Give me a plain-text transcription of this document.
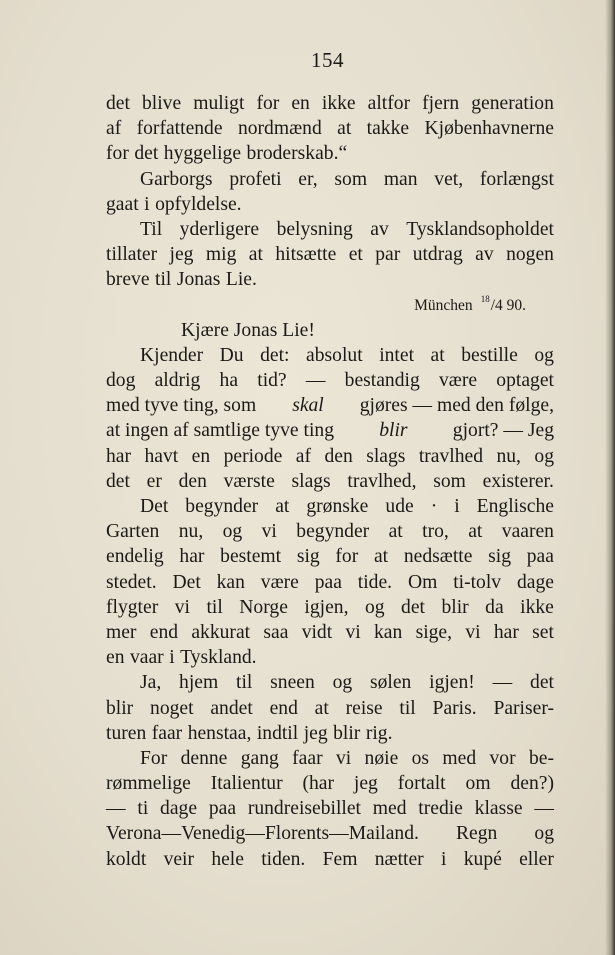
154
det blive muligt for en ikke altfor fjern generation
af forfattende nordmænd at takke Kjøbenhavnerne
for det hyggelige broderskab.“
Garborgs profeti er, som man vet, forlængst
gaat i opfyldelse.
Til yderligere belysning av Tysklandsopholdet
tillater jeg mig at hitsætte et par utdrag av nogen
breve til Jonas Lie.
München $^{18}$ /4 90.
Kjære Jonas Lie!
Kjender Du det: absolut intet at bestille og
dog aldrig ha tid? — bestandig være optaget
med tyve ting, som skal gjøres — med den følge,
at ingen af samtlige tyve ting blir gjort? — Jeg
har havt en periode af den slags travlhed nu, og
det er den værste slags travlhed, som existerer.
Det begynder at grønske ude · i Englische
Garten nu, og vi begynder at tro, at vaaren
endelig har bestemt sig for at nedsætte sig paa
stedet. Det kan være paa tide. Om ti-tolv dage
flygter vi til Norge igjen, og det blir da ikke
mer end akkurat saa vidt vi kan sige, vi har set
en vaar i Tyskland.
Ja, hjem til sneen og sølen igjen! — det
blir noget andet end at reise til Paris. Pariser-
turen faar henstaa, indtil jeg blir rig.
For denne gang faar vi nøie os med vor be-
rømmelige Italientur (har jeg fortalt om den?)
— ti dage paa rundreisebillet med tredie klasse —
Verona—Venedig—Florents—Mailand. Regn og
koldt veir hele tiden. Fem nætter i kupé eller
